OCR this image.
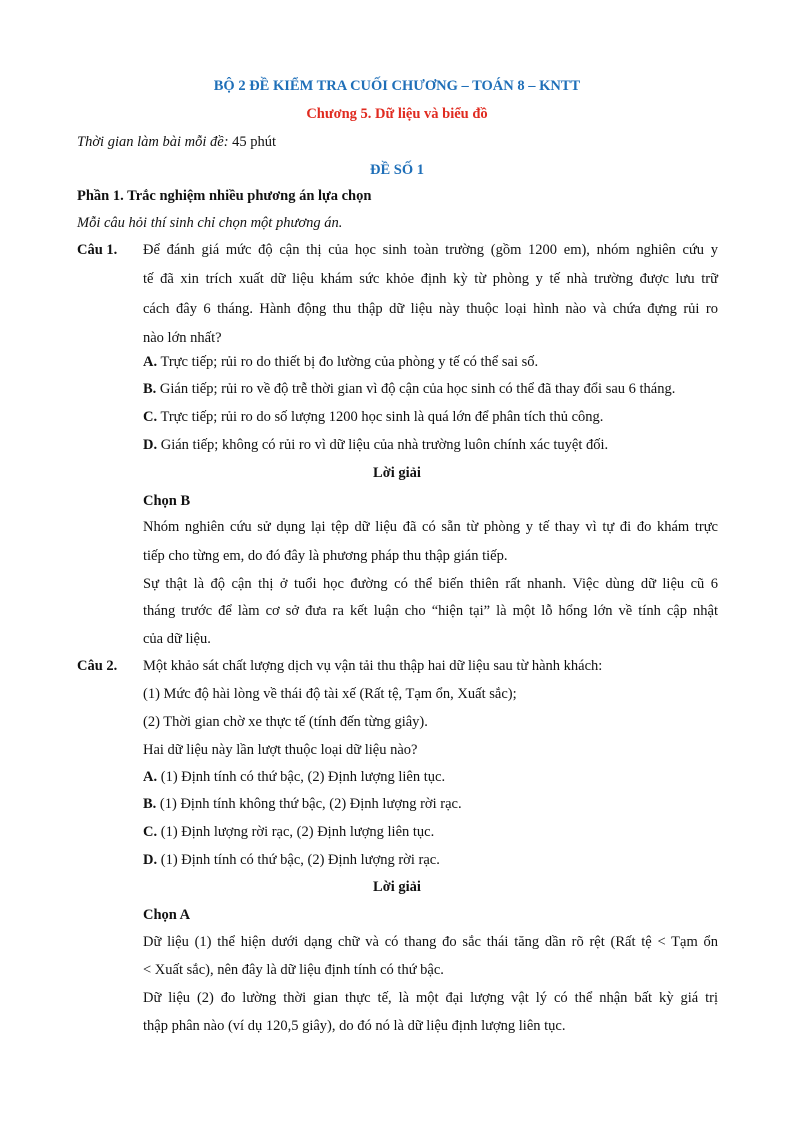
BỘ 2 ĐỀ KIỂM TRA CUỐI CHƯƠNG – TOÁN 8 – KNTT
Chương 5. Dữ liệu và biểu đồ
Thời gian làm bài mỗi đề: 45 phút
ĐỀ SỐ 1
Phần 1. Trắc nghiệm nhiều phương án lựa chọn
Mỗi câu hỏi thí sinh chỉ chọn một phương án.
Câu 1. Để đánh giá mức độ cận thị của học sinh toàn trường (gồm 1200 em), nhóm nghiên cứu y
tế đã xin trích xuất dữ liệu khám sức khỏe định kỳ từ phòng y tế nhà trường được lưu trữ
cách đây 6 tháng. Hành động thu thập dữ liệu này thuộc loại hình nào và chứa đựng rủi ro
nào lớn nhất?
A. Trực tiếp; rủi ro do thiết bị đo lường của phòng y tế có thể sai số.
B. Gián tiếp; rủi ro về độ trễ thời gian vì độ cận của học sinh có thể đã thay đổi sau 6 tháng.
C. Trực tiếp; rủi ro do số lượng 1200 học sinh là quá lớn để phân tích thủ công.
D. Gián tiếp; không có rủi ro vì dữ liệu của nhà trường luôn chính xác tuyệt đối.
Lời giải
Chọn B
Nhóm nghiên cứu sử dụng lại tệp dữ liệu đã có sẵn từ phòng y tế thay vì tự đi đo khám trực
tiếp cho từng em, do đó đây là phương pháp thu thập gián tiếp.
Sự thật là độ cận thị ở tuổi học đường có thể biến thiên rất nhanh. Việc dùng dữ liệu cũ 6
tháng trước để làm cơ sở đưa ra kết luận cho “hiện tại” là một lỗ hổng lớn về tính cập nhật
của dữ liệu.
Câu 2. Một khảo sát chất lượng dịch vụ vận tải thu thập hai dữ liệu sau từ hành khách:
(1) Mức độ hài lòng về thái độ tài xế (Rất tệ, Tạm ổn, Xuất sắc);
(2) Thời gian chờ xe thực tế (tính đến từng giây).
Hai dữ liệu này lần lượt thuộc loại dữ liệu nào?
A. (1) Định tính có thứ bậc, (2) Định lượng liên tục.
B. (1) Định tính không thứ bậc, (2) Định lượng rời rạc.
C. (1) Định lượng rời rạc, (2) Định lượng liên tục.
D. (1) Định tính có thứ bậc, (2) Định lượng rời rạc.
Lời giải
Chọn A
Dữ liệu (1) thể hiện dưới dạng chữ và có thang đo sắc thái tăng dần rõ rệt (Rất tệ < Tạm ổn
< Xuất sắc), nên đây là dữ liệu định tính có thứ bậc.
Dữ liệu (2) đo lường thời gian thực tế, là một đại lượng vật lý có thể nhận bất kỳ giá trị
thập phân nào (ví dụ 120,5 giây), do đó nó là dữ liệu định lượng liên tục.
